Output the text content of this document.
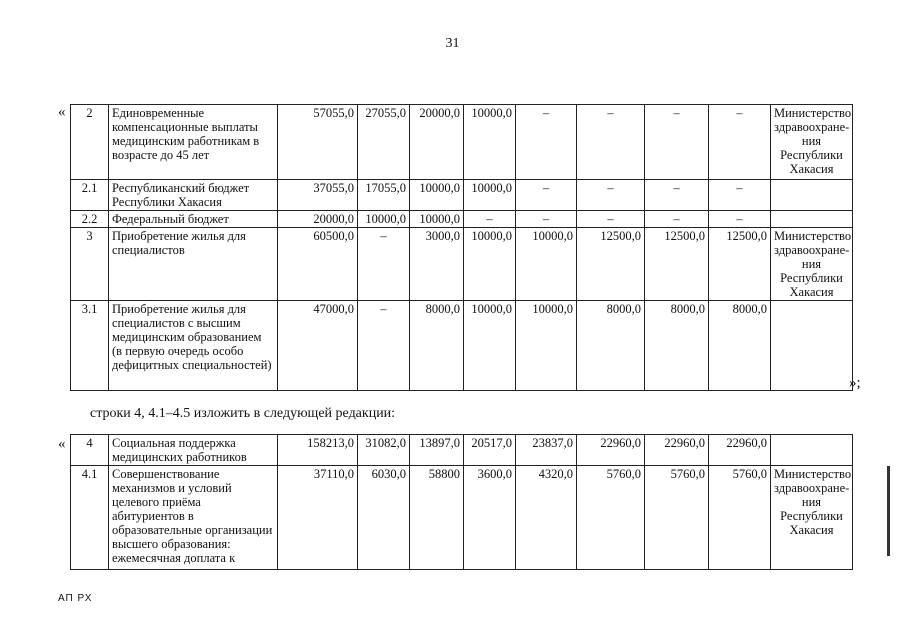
31
« 2	Единовременные компенсационные выплаты медицинским работникам в возрасте до 45 лет	57055,0	27055,0	20000,0	10000,0	–	–	–	–	Министерство здравоохране-ния Республики Хакасия
2.1	Республиканский бюджет Республики Хакасия	37055,0	17055,0	10000,0	10000,0	–	–	–	–	
2.2	Федеральный бюджет	20000,0	10000,0	10000,0	–	–	–	–	–	
3	Приобретение жилья для специалистов	60500,0	–	3000,0	10000,0	10000,0	12500,0	12500,0	12500,0	Министерство здравоохране-ния Республики Хакасия
3.1	Приобретение жилья для специалистов с высшим медицинским образованием (в первую очередь особо дефицитных специальностей)	47000,0	–	8000,0	10000,0	10000,0	8000,0	8000,0	8000,0	
»;
строки 4, 4.1–4.5 изложить в следующей редакции:
« 4	Социальная поддержка медицинских работников	158213,0	31082,0	13897,0	20517,0	23837,0	22960,0	22960,0	22960,0	
4.1	Совершенствование механизмов и условий целевого приёма абитуриентов в образовательные организации высшего образования: ежемесячная доплата к	37110,0	6030,0	58800	3600,0	4320,0	5760,0	5760,0	5760,0	Министерство здравоохране-ния Республики Хакасия
АП РХ
